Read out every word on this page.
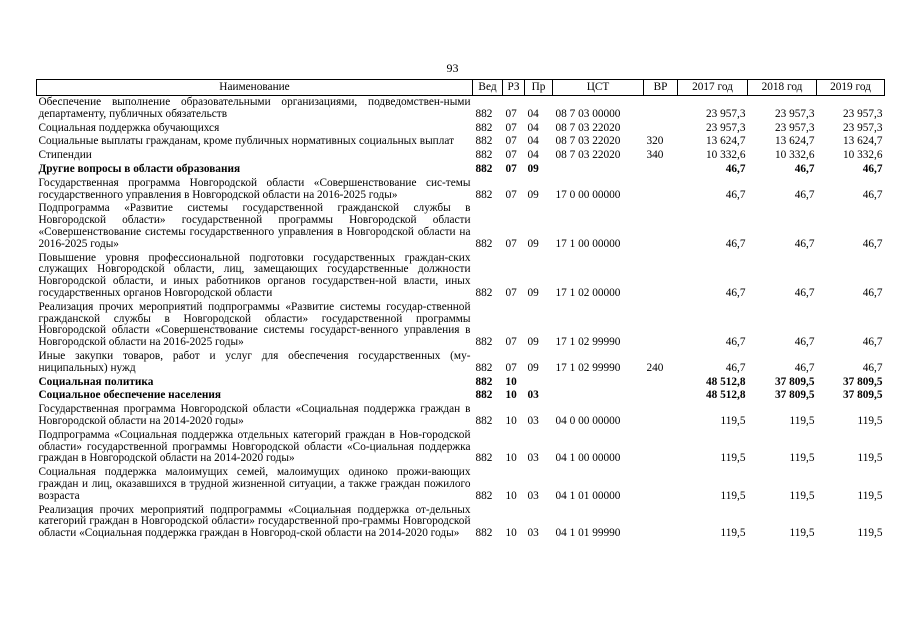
93
Наименование	Вед	РЗ	Пр	ЦСТ	ВР	2017 год	2018 год	2019 год
Обеспечение выполнение образовательными организациями, подведомствен-ными департаменту, публичных обязательств	882	07	04	08 7 03 00000		23 957,3	23 957,3	23 957,3
Социальная поддержка обучающихся	882	07	04	08 7 03 22020		23 957,3	23 957,3	23 957,3
Социальные выплаты гражданам, кроме публичных нормативных социальных выплат	882	07	04	08 7 03 22020	320	13 624,7	13 624,7	13 624,7
Стипендии	882	07	04	08 7 03 22020	340	10 332,6	10 332,6	10 332,6
Другие вопросы в области образования	882	07	09			46,7	46,7	46,7
Государственная программа Новгородской области «Совершенствование сис-темы государственного управления в Новгородской области на 2016-2025 годы»	882	07	09	17 0 00 00000		46,7	46,7	46,7
Подпрограмма «Развитие системы государственной гражданской службы в Новгородской области» государственной программы Новгородской области «Совершенствование системы государственного управления в Новгородской области на 2016-2025 годы»	882	07	09	17 1 00 00000		46,7	46,7	46,7
Повышение уровня профессиональной подготовки государственных граждан-ских служащих Новгородской области, лиц, замещающих государственные должности Новгородской области, и иных работников органов государствен-ной власти, иных государственных органов Новгородской области	882	07	09	17 1 02 00000		46,7	46,7	46,7
Реализация прочих мероприятий подпрограммы «Развитие системы государ-ственной гражданской службы в Новгородской области» государственной программы Новгородской области «Совершенствование системы государст-венного управления в Новгородской области на 2016-2025 годы»	882	07	09	17 1 02 99990		46,7	46,7	46,7
Иные закупки товаров, работ и услуг для обеспечения государственных (му-ниципальных) нужд	882	07	09	17 1 02 99990	240	46,7	46,7	46,7
Социальная политика	882	10				48 512,8	37 809,5	37 809,5
Социальное обеспечение населения	882	10	03			48 512,8	37 809,5	37 809,5
Государственная программа Новгородской области «Социальная поддержка граждан в Новгородской области на 2014-2020 годы»	882	10	03	04 0 00 00000		119,5	119,5	119,5
Подпрограмма «Социальная поддержка отдельных категорий граждан в Нов-городской области» государственной программы Новгородской области «Со-циальная поддержка граждан в Новгородской области на 2014-2020 годы»	882	10	03	04 1 00 00000		119,5	119,5	119,5
Социальная поддержка малоимущих семей, малоимущих одиноко прожи-вающих граждан и лиц, оказавшихся в трудной жизненной ситуации, а также граждан пожилого возраста	882	10	03	04 1 01 00000		119,5	119,5	119,5
Реализация прочих мероприятий подпрограммы «Социальная поддержка от-дельных категорий граждан в Новгородской области» государственной про-граммы Новгородской области «Социальная поддержка граждан в Новгород-ской области на 2014-2020 годы»	882	10	03	04 1 01 99990		119,5	119,5	119,5
